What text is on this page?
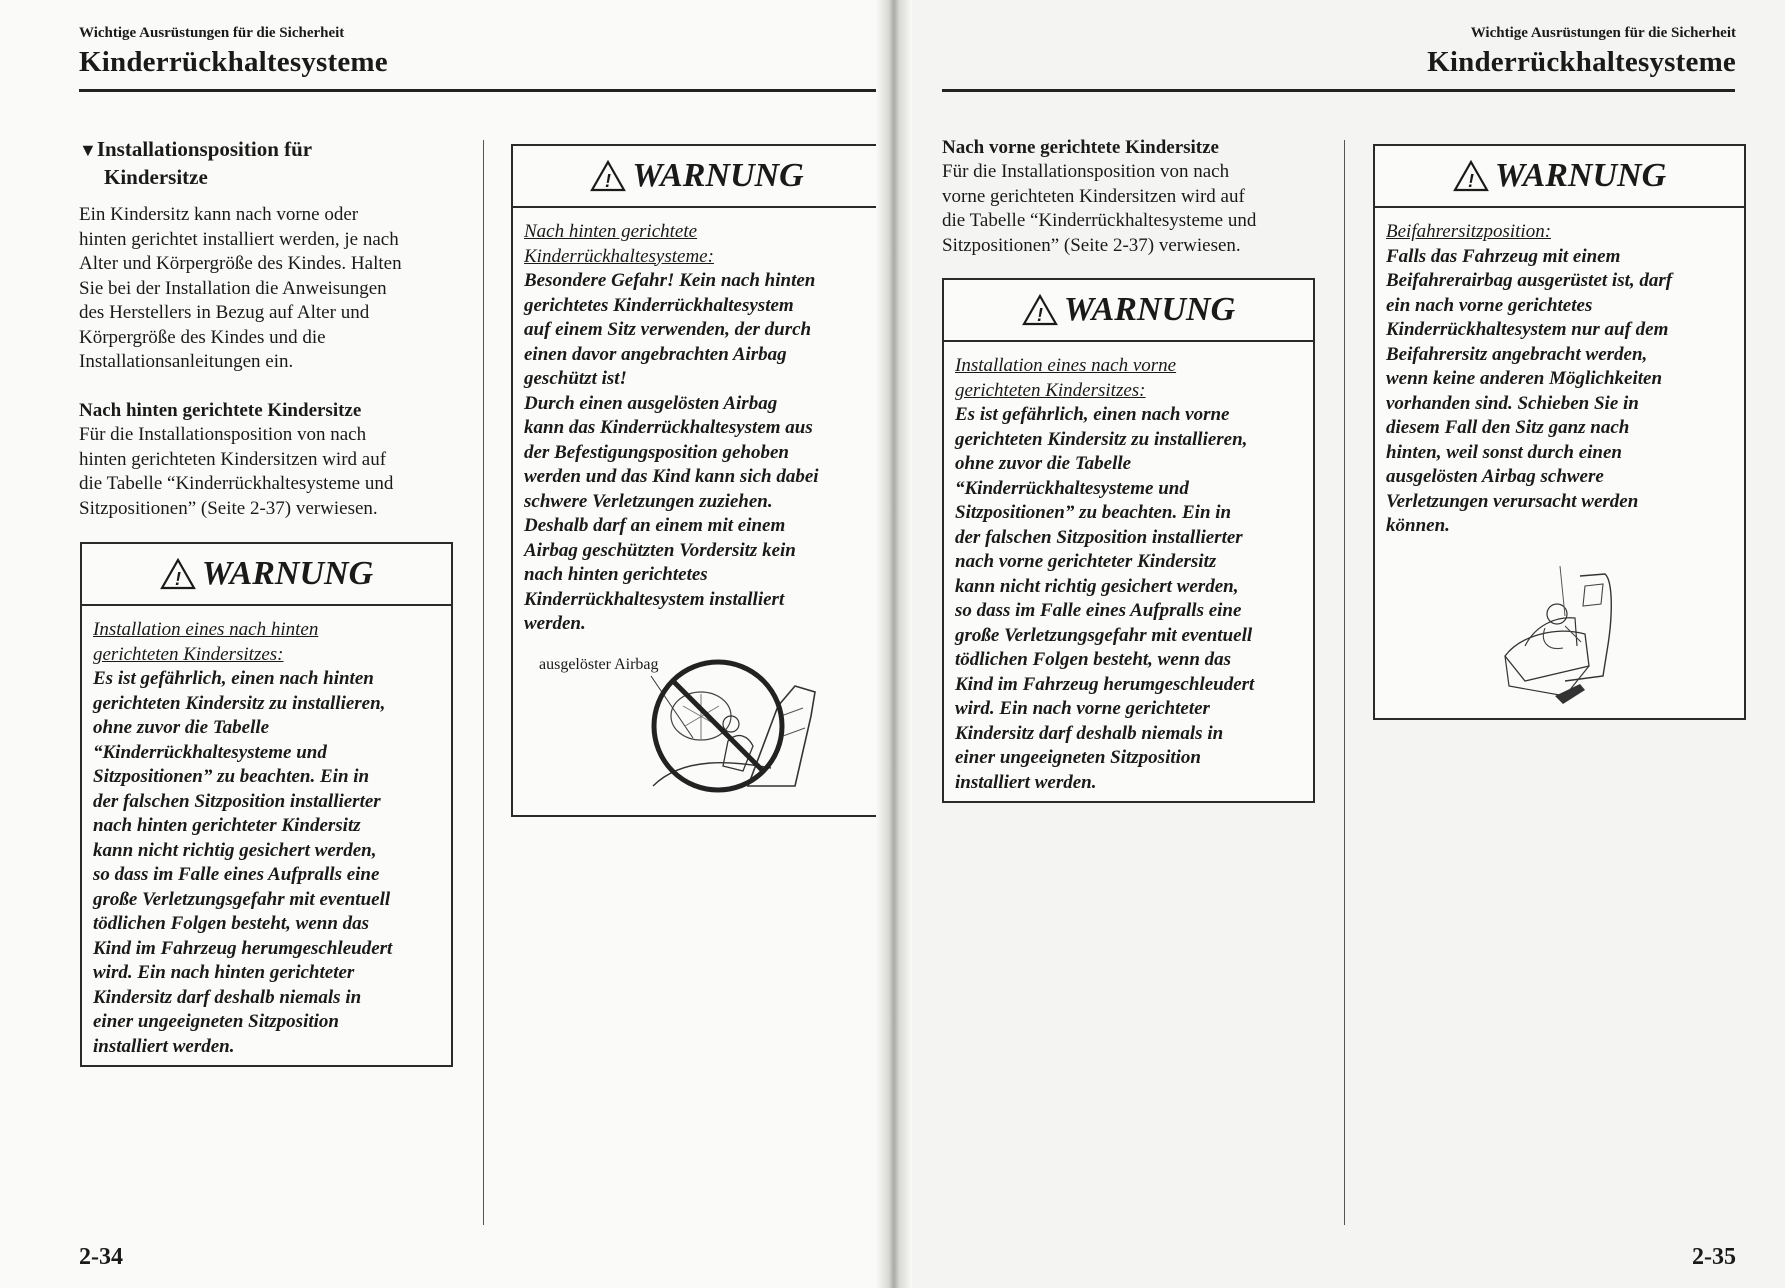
Wichtige Ausrüstungen für die Sicherheit
Kinderrückhaltesysteme
▼Installationsposition für
Kindersitze
Ein Kindersitz kann nach vorne oder
hinten gerichtet installiert werden, je nach
Alter und Körpergröße des Kindes. Halten
Sie bei der Installation die Anweisungen
des Herstellers in Bezug auf Alter und
Körpergröße des Kindes und die
Installationsanleitungen ein.
Nach hinten gerichtete Kindersitze
Für die Installationsposition von nach
hinten gerichteten Kindersitzen wird auf
die Tabelle “Kinderrückhaltesysteme und
Sitzpositionen” (Seite 2-37) verwiesen.
! WARNUNG
Installation eines nach hinten
gerichteten Kindersitzes:
Es ist gefährlich, einen nach hinten
gerichteten Kindersitz zu installieren,
ohne zuvor die Tabelle
“Kinderrückhaltesysteme und
Sitzpositionen” zu beachten. Ein in
der falschen Sitzposition installierter
nach hinten gerichteter Kindersitz
kann nicht richtig gesichert werden,
so dass im Falle eines Aufpralls eine
große Verletzungsgefahr mit eventuell
tödlichen Folgen besteht, wenn das
Kind im Fahrzeug herumgeschleudert
wird. Ein nach hinten gerichteter
Kindersitz darf deshalb niemals in
einer ungeeigneten Sitzposition
installiert werden.
! WARNUNG
Nach hinten gerichtete
Kinderrückhaltesysteme:
Besondere Gefahr! Kein nach hinten
gerichtetes Kinderrückhaltesystem
auf einem Sitz verwenden, der durch
einen davor angebrachten Airbag
geschützt ist!
Durch einen ausgelösten Airbag
kann das Kinderrückhaltesystem aus
der Befestigungsposition gehoben
werden und das Kind kann sich dabei
schwere Verletzungen zuziehen.
Deshalb darf an einem mit einem
Airbag geschützten Vordersitz kein
nach hinten gerichtetes
Kinderrückhaltesystem installiert
werden.
ausgelöster Airbag
2-34
Wichtige Ausrüstungen für die Sicherheit
Kinderrückhaltesysteme
Nach vorne gerichtete Kindersitze
Für die Installationsposition von nach
vorne gerichteten Kindersitzen wird auf
die Tabelle “Kinderrückhaltesysteme und
Sitzpositionen” (Seite 2-37) verwiesen.
! WARNUNG
Installation eines nach vorne
gerichteten Kindersitzes:
Es ist gefährlich, einen nach vorne
gerichteten Kindersitz zu installieren,
ohne zuvor die Tabelle
“Kinderrückhaltesysteme und
Sitzpositionen” zu beachten. Ein in
der falschen Sitzposition installierter
nach vorne gerichteter Kindersitz
kann nicht richtig gesichert werden,
so dass im Falle eines Aufpralls eine
große Verletzungsgefahr mit eventuell
tödlichen Folgen besteht, wenn das
Kind im Fahrzeug herumgeschleudert
wird. Ein nach vorne gerichteter
Kindersitz darf deshalb niemals in
einer ungeeigneten Sitzposition
installiert werden.
! WARNUNG
Beifahrersitzposition:
Falls das Fahrzeug mit einem
Beifahrerairbag ausgerüstet ist, darf
ein nach vorne gerichtetes
Kinderrückhaltesystem nur auf dem
Beifahrersitz angebracht werden,
wenn keine anderen Möglichkeiten
vorhanden sind. Schieben Sie in
diesem Fall den Sitz ganz nach
hinten, weil sonst durch einen
ausgelösten Airbag schwere
Verletzungen verursacht werden
können.
2-35
